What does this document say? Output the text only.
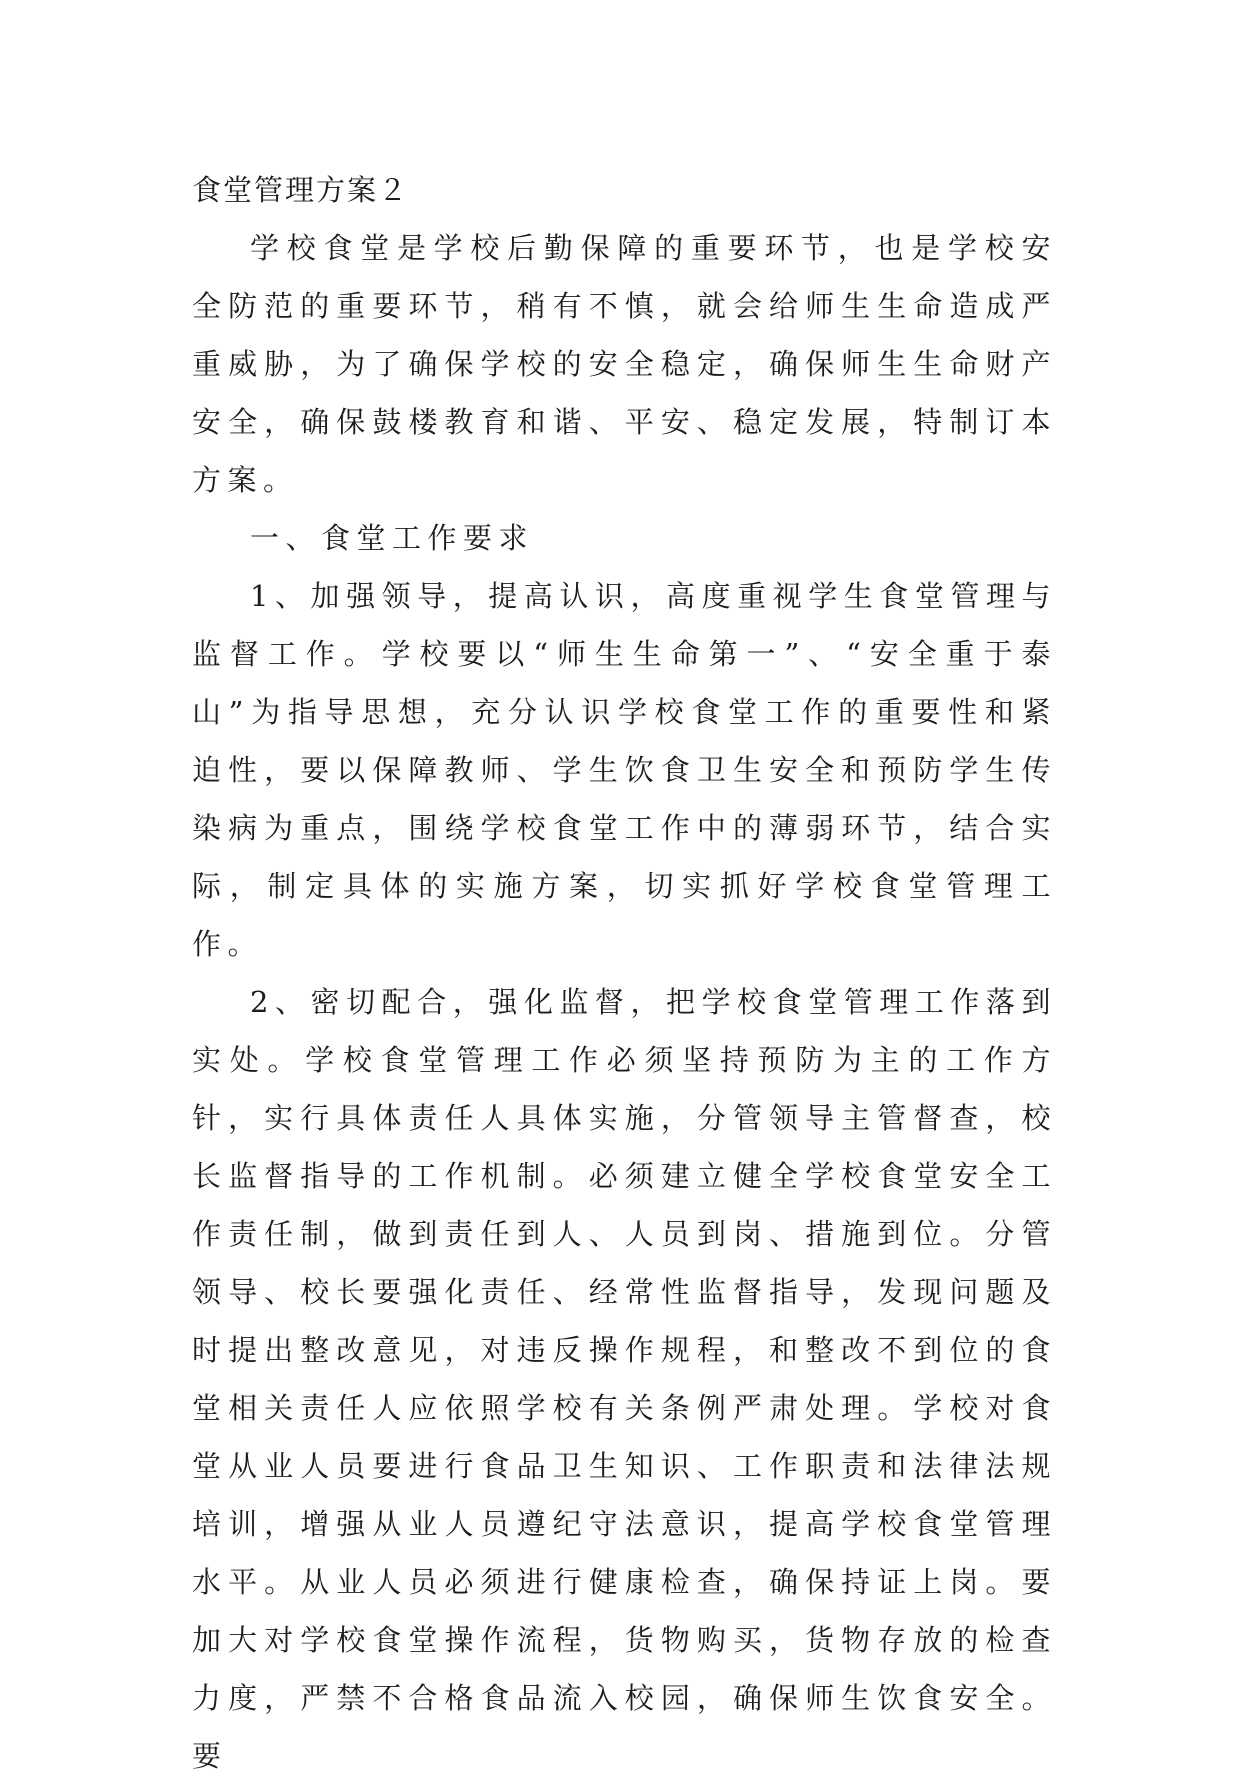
食堂管理方案２

学校食堂是学校后勤保障的重要环节，也是学校安全防范的重要环节，稍有不慎，就会给师生生命造成严重威胁，为了确保学校的安全稳定，确保师生生命财产安全，确保鼓楼教育和谐、平安、稳定发展，特制订本方案。

一、食堂工作要求

1、加强领导，提高认识，高度重视学生食堂管理与监督工作。学校要以“师生生命第一”、“安全重于泰山”为指导思想，充分认识学校食堂工作的重要性和紧迫性，要以保障教师、学生饮食卫生安全和预防学生传染病为重点，围绕学校食堂工作中的薄弱环节，结合实际，制定具体的实施方案，切实抓好学校食堂管理工作。

2、密切配合，强化监督，把学校食堂管理工作落到实处。学校食堂管理工作必须坚持预防为主的工作方针，实行具体责任人具体实施，分管领导主管督查，校长监督指导的工作机制。必须建立健全学校食堂安全工作责任制，做到责任到人、人员到岗、措施到位。分管领导、校长要强化责任、经常性监督指导，发现问题及时提出整改意见，对违反操作规程，和整改不到位的食堂相关责任人应依照学校有关条例严肃处理。学校对食堂从业人员要进行食品卫生知识、工作职责和法律法规培训，增强从业人员遵纪守法意识，提高学校食堂管理水平。从业人员必须进行健康检查，确保持证上岗。要加大对学校食堂操作流程，货物购买，货物存放的检查力度，严禁不合格食品流入校园，确保师生饮食安全。要
